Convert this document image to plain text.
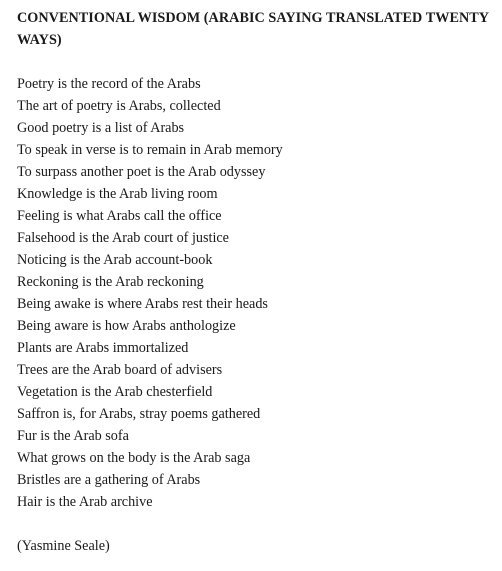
CONVENTIONAL WISDOM (ARABIC SAYING TRANSLATED TWENTY WAYS)
Poetry is the record of the Arabs
The art of poetry is Arabs, collected
Good poetry is a list of Arabs
To speak in verse is to remain in Arab memory
To surpass another poet is the Arab odyssey
Knowledge is the Arab living room
Feeling is what Arabs call the office
Falsehood is the Arab court of justice
Noticing is the Arab account-book
Reckoning is the Arab reckoning
Being awake is where Arabs rest their heads
Being aware is how Arabs anthologize
Plants are Arabs immortalized
Trees are the Arab board of advisers
Vegetation is the Arab chesterfield
Saffron is, for Arabs, stray poems gathered
Fur is the Arab sofa
What grows on the body is the Arab saga
Bristles are a gathering of Arabs
Hair is the Arab archive
(Yasmine Seale)
